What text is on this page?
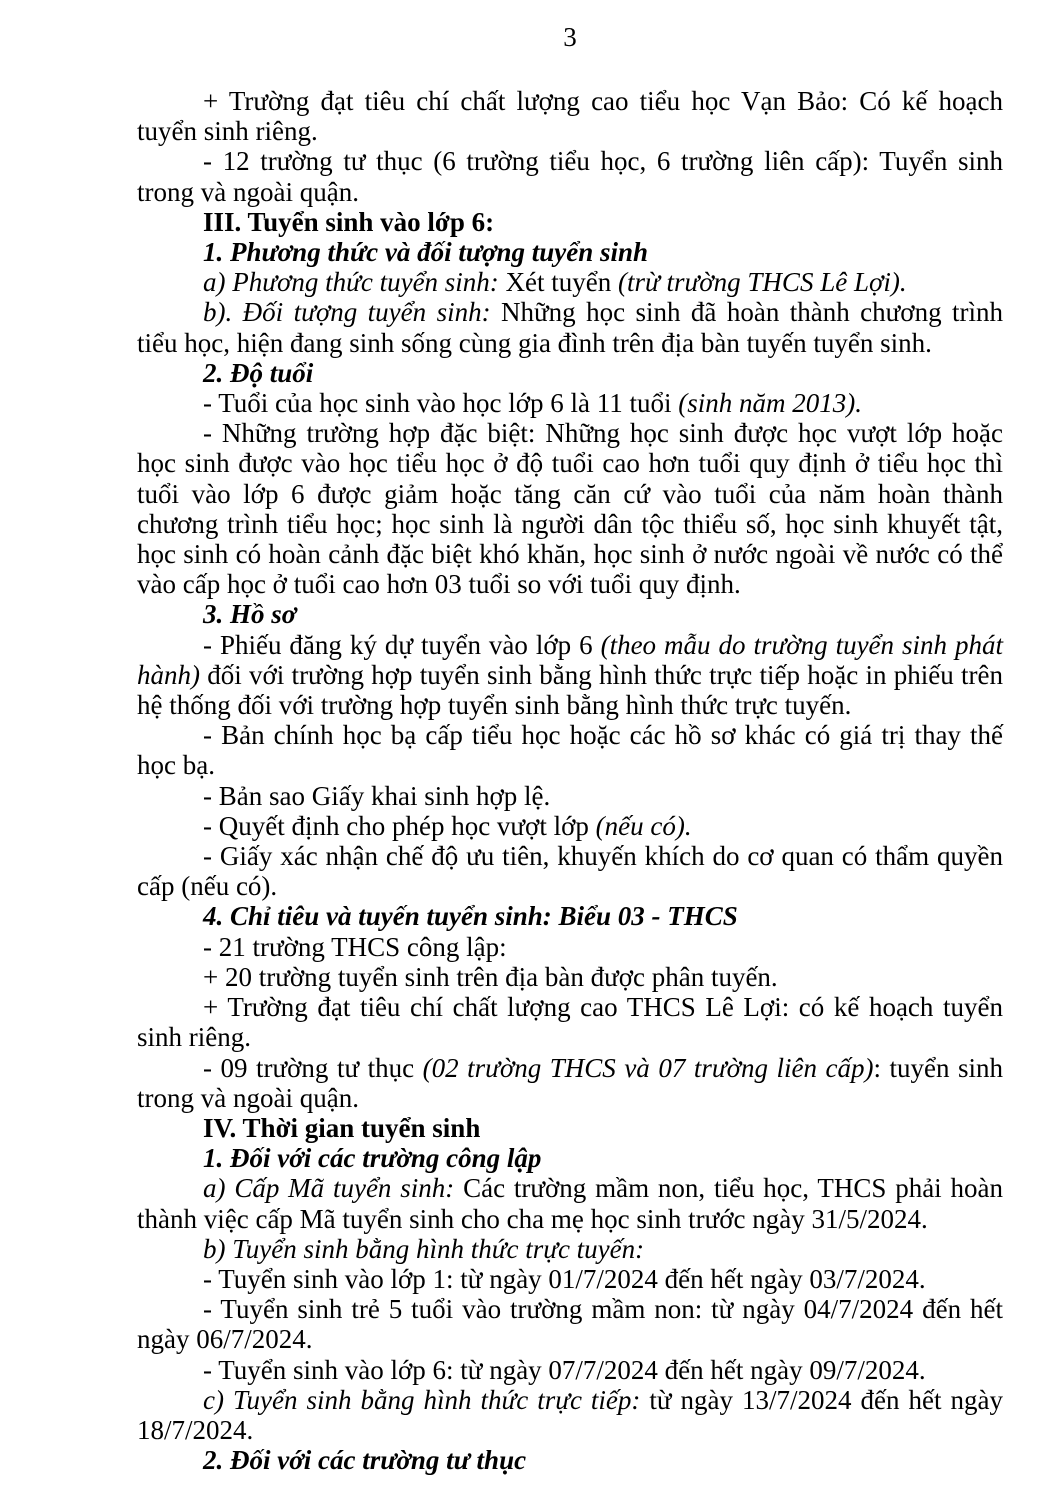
3

+ Trường đạt tiêu chí chất lượng cao tiểu học Vạn Bảo: Có kế hoạch tuyển sinh riêng.

- 12 trường tư thục (6 trường tiểu học, 6 trường liên cấp): Tuyển sinh trong và ngoài quận.

III. Tuyển sinh vào lớp 6:

1. Phương thức và đối tượng tuyển sinh

a) Phương thức tuyển sinh: Xét tuyển (trừ trường THCS Lê Lợi).

b). Đối tượng tuyển sinh: Những học sinh đã hoàn thành chương trình tiểu học, hiện đang sinh sống cùng gia đình trên địa bàn tuyến tuyển sinh.

2. Độ tuổi

- Tuổi của học sinh vào học lớp 6 là 11 tuổi (sinh năm 2013).

- Những trường hợp đặc biệt: Những học sinh được học vượt lớp hoặc học sinh được vào học tiểu học ở độ tuổi cao hơn tuổi quy định ở tiểu học thì tuổi vào lớp 6 được giảm hoặc tăng căn cứ vào tuổi của năm hoàn thành chương trình tiểu học; học sinh là người dân tộc thiểu số, học sinh khuyết tật, học sinh có hoàn cảnh đặc biệt khó khăn, học sinh ở nước ngoài về nước có thể vào cấp học ở tuổi cao hơn 03 tuổi so với tuổi quy định.

3. Hồ sơ

- Phiếu đăng ký dự tuyển vào lớp 6 (theo mẫu do trường tuyển sinh phát hành) đối với trường hợp tuyển sinh bằng hình thức trực tiếp hoặc in phiếu trên hệ thống đối với trường hợp tuyển sinh bằng hình thức trực tuyến.

- Bản chính học bạ cấp tiểu học hoặc các hồ sơ khác có giá trị thay thế học bạ.

- Bản sao Giấy khai sinh hợp lệ.

- Quyết định cho phép học vượt lớp (nếu có).

- Giấy xác nhận chế độ ưu tiên, khuyến khích do cơ quan có thẩm quyền cấp (nếu có).

4. Chỉ tiêu và tuyến tuyển sinh: Biểu 03 - THCS

- 21 trường THCS công lập:

+ 20 trường tuyển sinh trên địa bàn được phân tuyến.

+ Trường đạt tiêu chí chất lượng cao THCS Lê Lợi: có kế hoạch tuyển sinh riêng.

- 09 trường tư thục (02 trường THCS và 07 trường liên cấp): tuyển sinh trong và ngoài quận.

IV. Thời gian tuyển sinh

1. Đối với các trường công lập

a) Cấp Mã tuyển sinh: Các trường mầm non, tiểu học, THCS phải hoàn thành việc cấp Mã tuyển sinh cho cha mẹ học sinh trước ngày 31/5/2024.

b) Tuyển sinh bằng hình thức trực tuyến:

- Tuyển sinh vào lớp 1: từ ngày 01/7/2024 đến hết ngày 03/7/2024.

- Tuyển sinh trẻ 5 tuổi vào trường mầm non: từ ngày 04/7/2024 đến hết ngày 06/7/2024.

- Tuyển sinh vào lớp 6: từ ngày 07/7/2024 đến hết ngày 09/7/2024.

c) Tuyển sinh bằng hình thức trực tiếp: từ ngày 13/7/2024 đến hết ngày 18/7/2024.

2. Đối với các trường tư thục
